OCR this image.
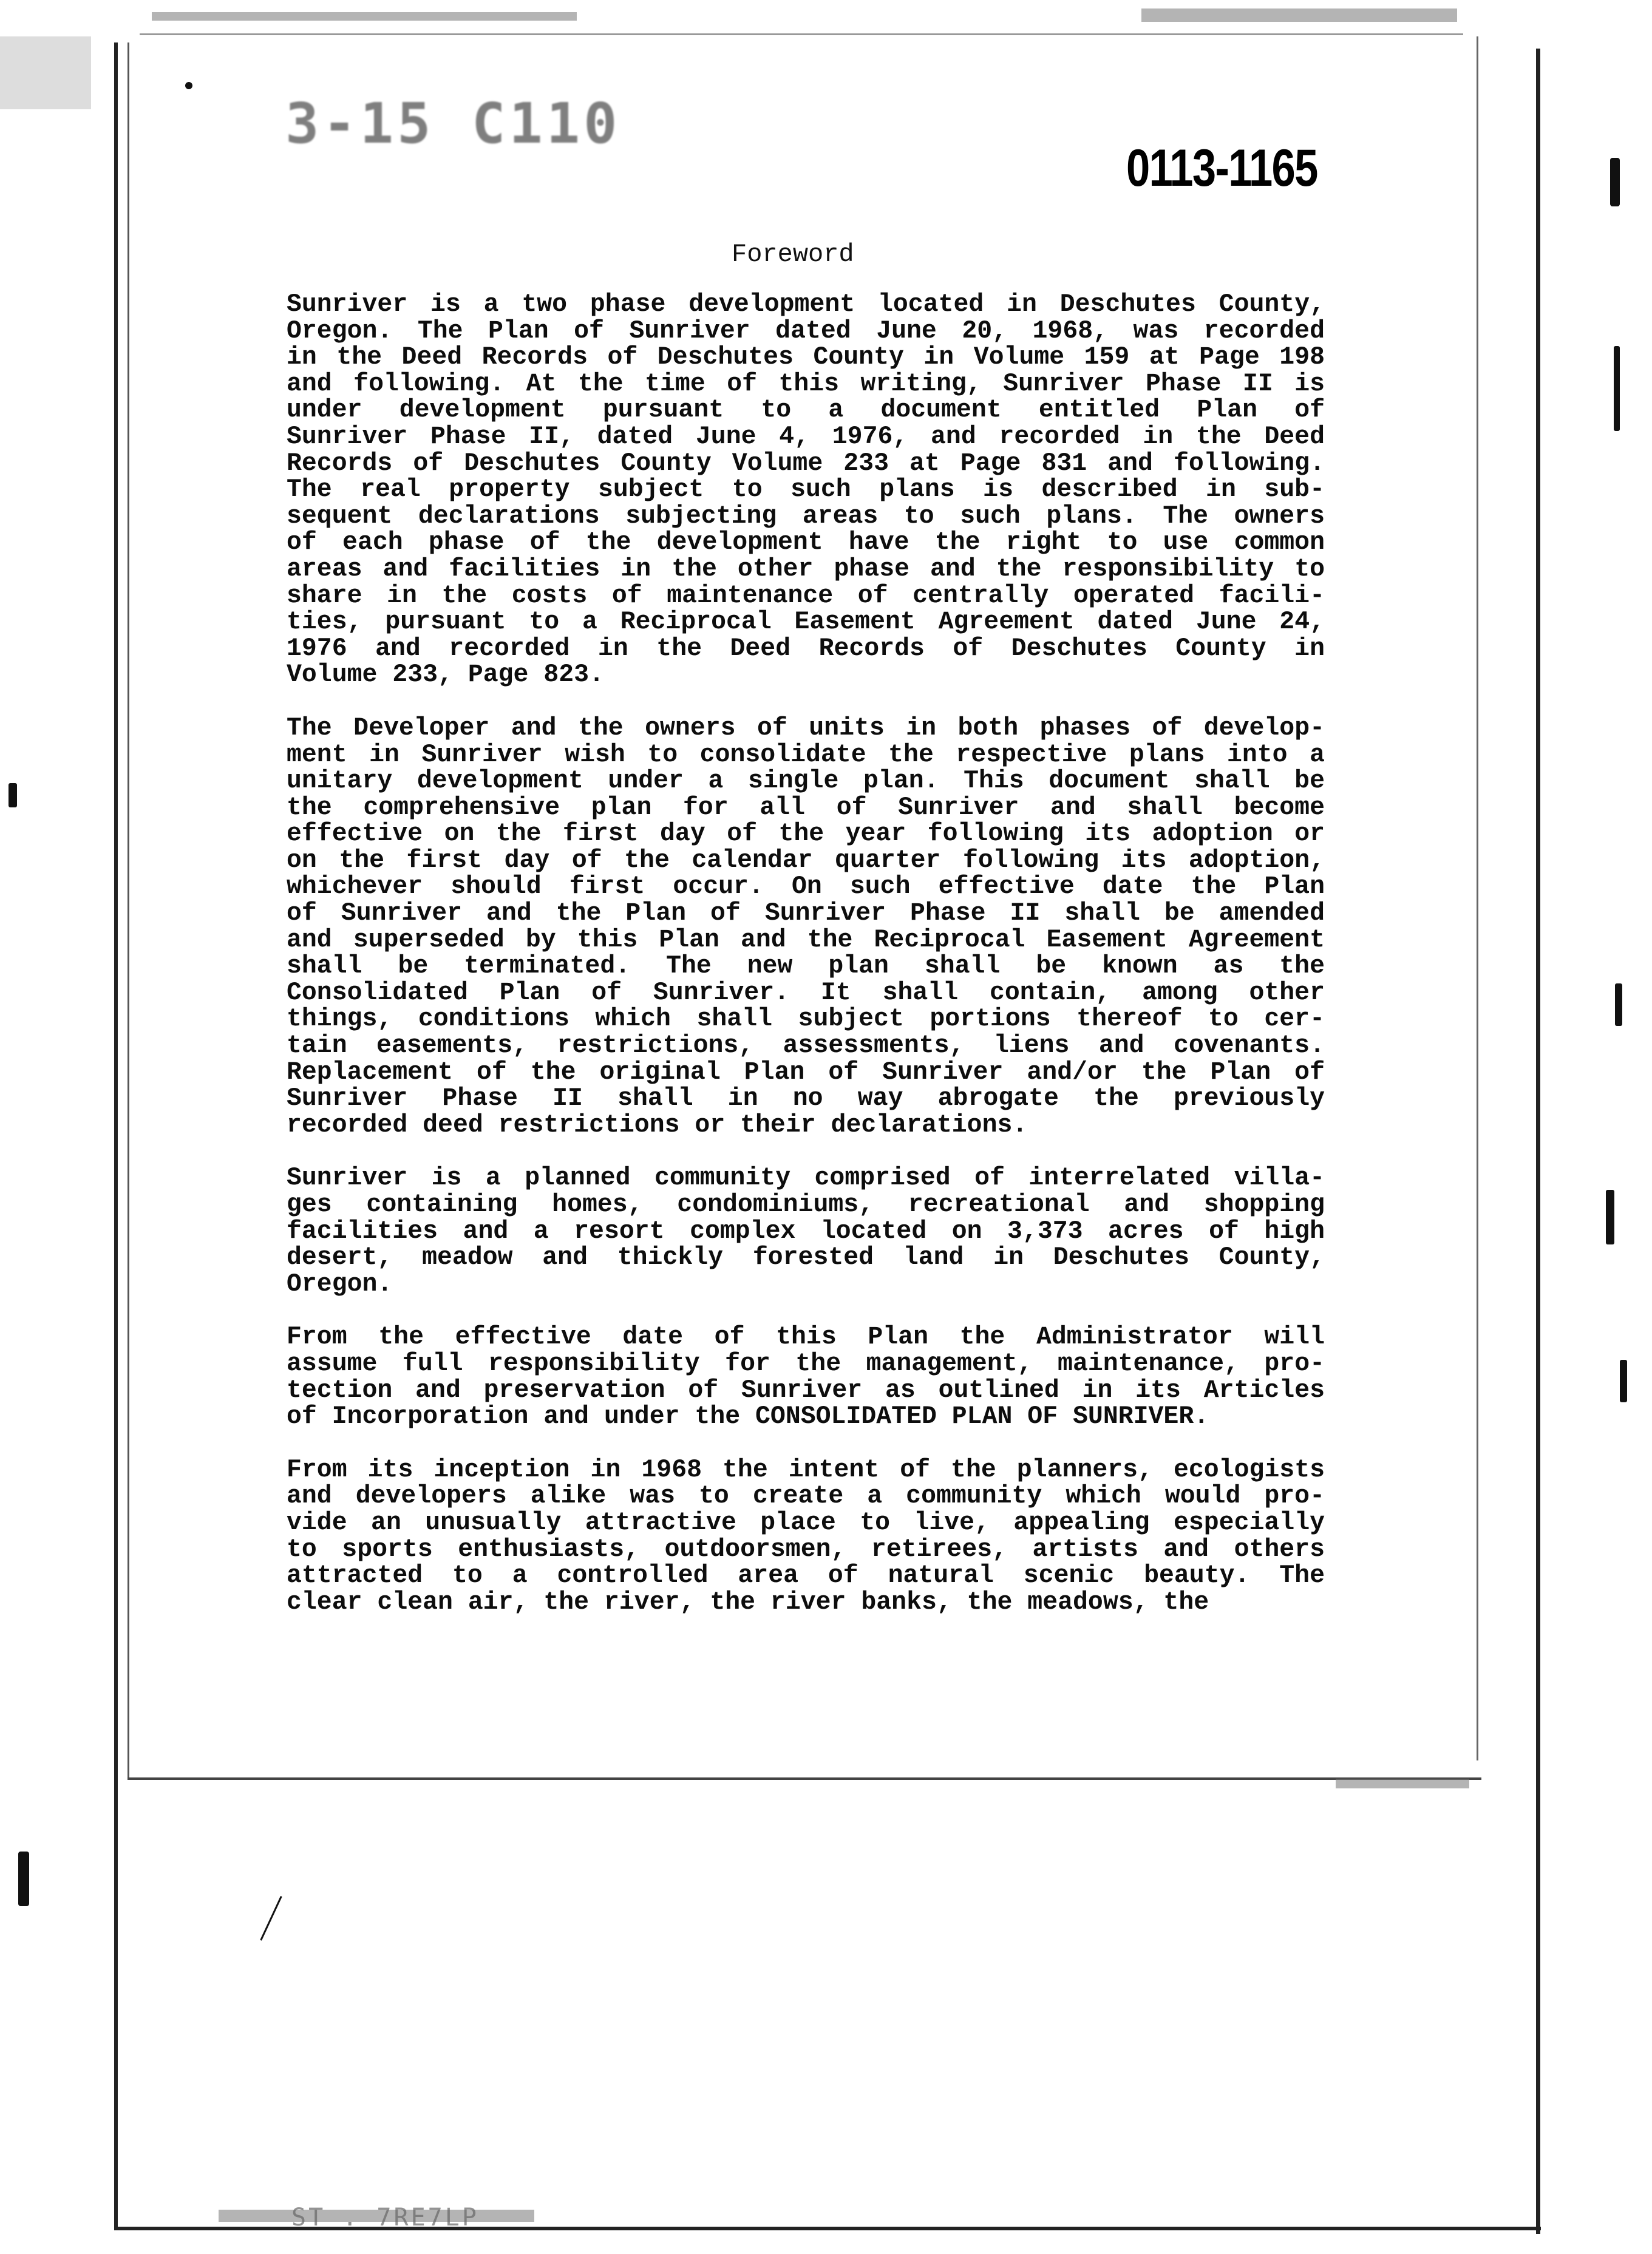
3-15 C110
0113-1165
Foreword
Sunriver is a two phase development located in Deschutes County,
Oregon. The Plan of Sunriver dated June 20, 1968, was recorded
in the Deed Records of Deschutes County in Volume 159 at Page 198
and following. At the time of this writing, Sunriver Phase II is
under development pursuant to a document entitled Plan of
Sunriver Phase II, dated June 4, 1976, and recorded in the Deed
Records of Deschutes County Volume 233 at Page 831 and following.
The real property subject to such plans is described in sub-
sequent declarations subjecting areas to such plans. The owners
of each phase of the development have the right to use common
areas and facilities in the other phase and the responsibility to
share in the costs of maintenance of centrally operated facili-
ties, pursuant to a Reciprocal Easement Agreement dated June 24,
1976 and recorded in the Deed Records of Deschutes County in
Volume 233, Page 823.
The Developer and the owners of units in both phases of develop-
ment in Sunriver wish to consolidate the respective plans into a
unitary development under a single plan. This document shall be
the comprehensive plan for all of Sunriver and shall become
effective on the first day of the year following its adoption or
on the first day of the calendar quarter following its adoption,
whichever should first occur. On such effective date the Plan
of Sunriver and the Plan of Sunriver Phase II shall be amended
and superseded by this Plan and the Reciprocal Easement Agreement
shall be terminated. The new plan shall be known as the
Consolidated Plan of Sunriver. It shall contain, among other
things, conditions which shall subject portions thereof to cer-
tain easements, restrictions, assessments, liens and covenants.
Replacement of the original Plan of Sunriver and/or the Plan of
Sunriver Phase II shall in no way abrogate the previously
recorded deed restrictions or their declarations.
Sunriver is a planned community comprised of interrelated villa-
ges containing homes, condominiums, recreational and shopping
facilities and a resort complex located on 3,373 acres of high
desert, meadow and thickly forested land in Deschutes County,
Oregon.
From the effective date of this Plan the Administrator will
assume full responsibility for the management, maintenance, pro-
tection and preservation of Sunriver as outlined in its Articles
of Incorporation and under the CONSOLIDATED PLAN OF SUNRIVER.
From its inception in 1968 the intent of the planners, ecologists
and developers alike was to create a community which would pro-
vide an unusually attractive place to live, appealing especially
to sports enthusiasts, outdoorsmen, retirees, artists and others
attracted to a controlled area of natural scenic beauty. The
clear clean air, the river, the river banks, the meadows, the
ST . 7RE7LP
